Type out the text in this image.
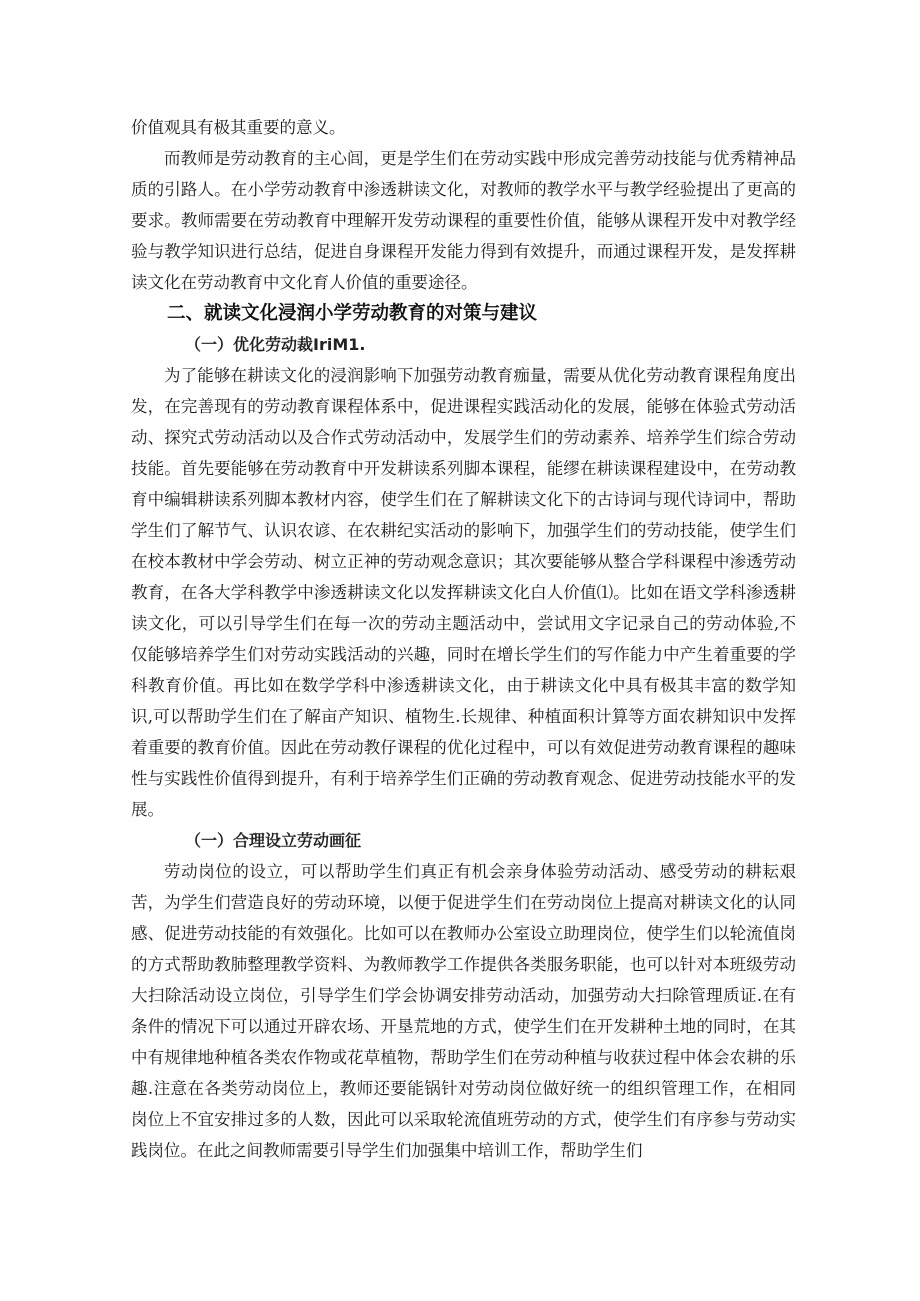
价值观具有极其重要的意义。

而教师是劳动教育的主心闾，更是学生们在劳动实践中形成完善劳动技能与优秀精神品质的引路人。在小学劳动教育中渗透耕读文化，对教师的教学水平与教学经验提出了更高的要求。教师需要在劳动教育中理解开发劳动课程的重要性价值，能够从课程开发中对教学经验与教学知识进行总结，促进自身课程开发能力得到有效提升，而通过课程开发，是发挥耕读文化在劳动教育中文化育人价值的重要途径。

二、就读文化浸润小学劳动教育的对策与建议
（一）优化劳动裁IriM1.

为了能够在耕读文化的浸润影响下加强劳动教育痂量，需要从优化劳动教育课程角度出发，在完善现有的劳动教育课程体系中，促进课程实践活动化的发展，能够在体验式劳动活动、探究式劳动活动以及合作式劳动活动中，发展学生们的劳动素养、培养学生们综合劳动技能。首先要能够在劳动教育中开发耕读系列脚本课程，能缪在耕读课程建设中，在劳动教育中编辑耕读系列脚本教材内容，使学生们在了解耕读文化下的古诗词与现代诗词中，帮助学生们了解节气、认识农谚、在农耕纪实活动的影响下，加强学生们的劳动技能，使学生们在校本教材中学会劳动、树立正神的劳动观念意识；其次要能够从整合学科课程中渗透劳动教育，在各大学科教学中渗透耕读文化以发挥耕读文化白人价值⑴。比如在语文学科渗透耕读文化，可以引导学生们在每一次的劳动主题活动中，尝试用文字记录自己的劳动体验,不仅能够培养学生们对劳动实践活动的兴趣，同时在增长学生们的写作能力中产生着重要的学科教育价值。再比如在数学学科中渗透耕读文化，由于耕读文化中具有极其丰富的数学知识,可以帮助学生们在了解亩产知识、植物生.长规律、种植面积计算等方面农耕知识中发挥着重要的教育价值。因此在劳动教仔课程的优化过程中，可以有效促进劳动教育课程的趣味性与实践性价值得到提升，有利于培养学生们正确的劳动教育观念、促进劳动技能水平的发展。

（一）合理设立劳动画征

劳动岗位的设立，可以帮助学生们真正有机会亲身体验劳动活动、感受劳动的耕耘艰苦，为学生们营造良好的劳动环境，以便于促进学生们在劳动岗位上提高对耕读文化的认同感、促进劳动技能的有效强化。比如可以在教师办公室设立助理岗位，使学生们以轮流值岗的方式帮助教肺整理教学资料、为教师教学工作提供各类服务职能，也可以针对本班级劳动大扫除活动设立岗位，引导学生们学会协调安排劳动活动，加强劳动大扫除管理质证.在有条件的情况下可以通过开辟农场、开垦荒地的方式，使学生们在开发耕种土地的同时，在其中有规律地种植各类农作物或花草植物，帮助学生们在劳动种植与收获过程中体会农耕的乐趣.注意在各类劳动岗位上，教师还要能锅针对劳动岗位做好统一的组织管理工作，在相同岗位上不宜安排过多的人数，因此可以采取轮流值班劳动的方式，使学生们有序参与劳动实践岗位。在此之间教师需要引导学生们加强集中培训工作，帮助学生们
